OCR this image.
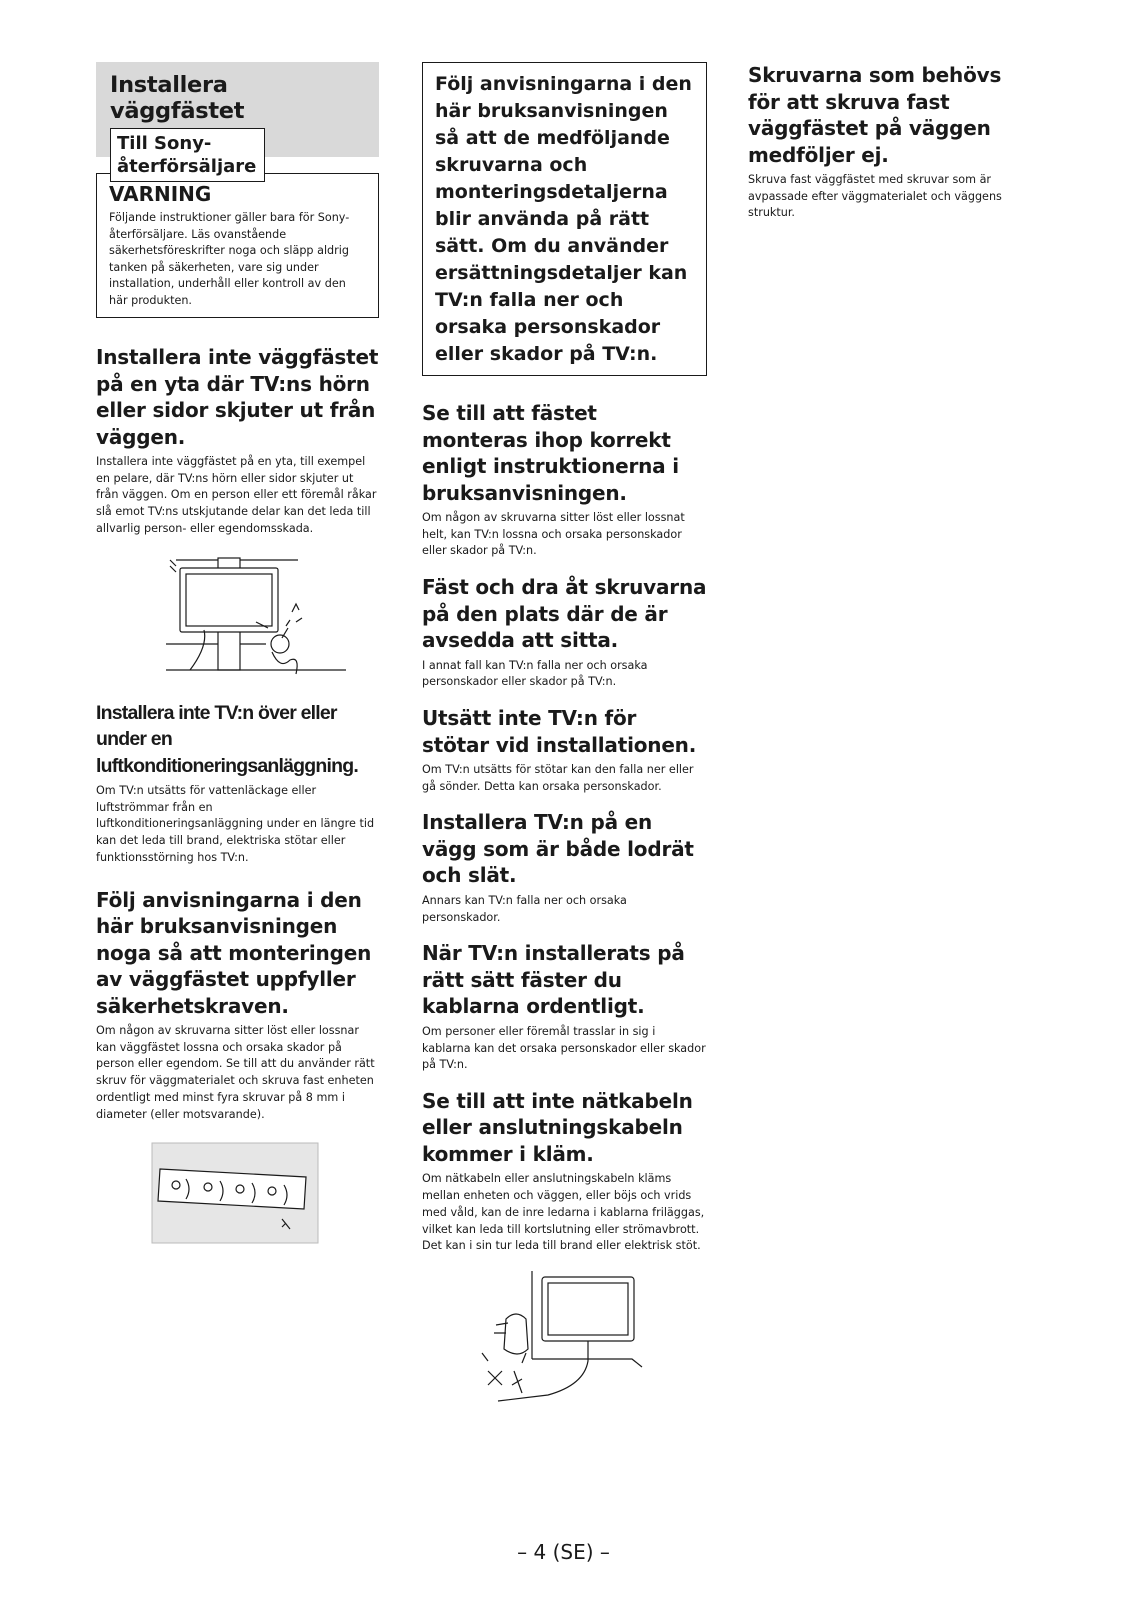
Installera väggfästet
Till Sony-
återförsäljare
VARNING

Följande instruktioner gäller bara för Sony-återförsäljare. Läs ovanstående säkerhetsföreskrifter noga och släpp aldrig tanken på säkerheten, vare sig under installation, underhåll eller kontroll av den här produkten.

Installera inte väggfästet på en yta där TV:ns hörn eller sidor skjuter ut från väggen.

Installera inte väggfästet på en yta, till exempel en pelare, där TV:ns hörn eller sidor skjuter ut från väggen. Om en person eller ett föremål råkar slå emot TV:ns utskjutande delar kan det leda till allvarlig person- eller egendomsskada.

Installera inte TV:n över eller under en luftkonditioneringsanläggning.

Om TV:n utsätts för vattenläckage eller luftströmmar från en luftkonditioneringsanläggning under en längre tid kan det leda till brand, elektriska stötar eller funktionsstörning hos TV:n.

Följ anvisningarna i den här bruksanvisningen noga så att monteringen av väggfästet uppfyller säkerhetskraven.

Om någon av skruvarna sitter löst eller lossnar kan väggfästet lossna och orsaka skador på person eller egendom. Se till att du använder rätt skruv för väggmaterialet och skruva fast enheten ordentligt med minst fyra skruvar på 8 mm i diameter (eller motsvarande).

Följ anvisningarna i den här bruksanvisningen så att de medföljande skruvarna och monteringsdetaljerna blir använda på rätt sätt. Om du använder ersättningsdetaljer kan TV:n falla ner och orsaka personskador eller skador på TV:n.

Se till att fästet monteras ihop korrekt enligt instruktionerna i bruksanvisningen.

Om någon av skruvarna sitter löst eller lossnat helt, kan TV:n lossna och orsaka personskador eller skador på TV:n.

Fäst och dra åt skruvarna på den plats där de är avsedda att sitta.

I annat fall kan TV:n falla ner och orsaka personskador eller skador på TV:n.

Utsätt inte TV:n för stötar vid installationen.

Om TV:n utsätts för stötar kan den falla ner eller gå sönder. Detta kan orsaka personskador.

Installera TV:n på en vägg som är både lodrät och slät.

Annars kan TV:n falla ner och orsaka personskador.

När TV:n installerats på rätt sätt fäster du kablarna ordentligt.

Om personer eller föremål trasslar in sig i kablarna kan det orsaka personskador eller skador på TV:n.

Se till att inte nätkabeln eller anslutningskabeln kommer i kläm.

Om nätkabeln eller anslutningskabeln kläms mellan enheten och väggen, eller böjs och vrids med våld, kan de inre ledarna i kablarna friläggas, vilket kan leda till kortslutning eller strömavbrott. Det kan i sin tur leda till brand eller elektrisk stöt.

Skruvarna som behövs för att skruva fast väggfästet på väggen medföljer ej.

Skruva fast väggfästet med skruvar som är avpassade efter väggmaterialet och väggens struktur.

– 4 (SE) –
